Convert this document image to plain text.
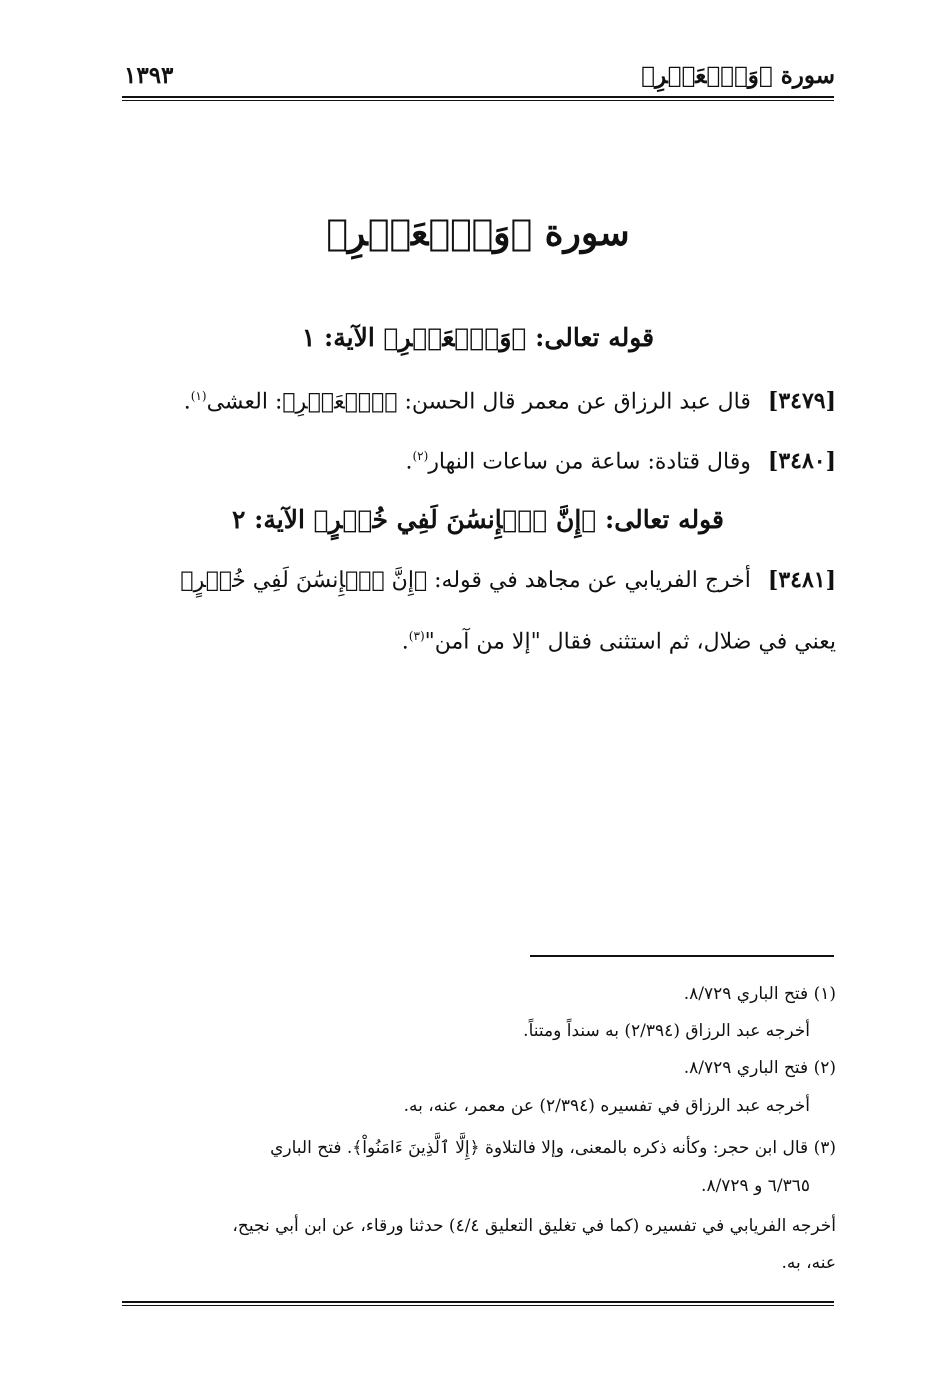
سورة ﴿وَٱلۡعَصۡرِ﴾
١٣٩٣
سورة ﴿وَٱلۡعَصۡرِ﴾
قوله تعالى: ﴿وَٱلۡعَصۡرِ﴾ الآية: ١
[٣٤٧٩] قال عبد الرزاق عن معمر قال الحسن: ﴿ٱلۡعَصۡرِ﴾: العشى$^{(١)}$.
[٣٤٨٠] وقال قتادة: ساعة من ساعات النهار$^{(٢)}$.
قوله تعالى: ﴿إِنَّ ٱلۡإِنسَٰنَ لَفِي خُسۡرٍ﴾ الآية: ٢
[٣٤٨١] أخرج الفريابي عن مجاهد في قوله: ﴿إِنَّ ٱلۡإِنسَٰنَ لَفِي خُسۡرٍ﴾
يعني في ضلال، ثم استثنى فقال "إلا من آمن"$^{(٣)}$.
(١) فتح الباري ٨/٧٢٩.
أخرجه عبد الرزاق (٢/٣٩٤) به سنداً ومتناً.
(٢) فتح الباري ٨/٧٢٩.
أخرجه عبد الرزاق في تفسيره (٢/٣٩٤) عن معمر، عنه، به.
(٣) قال ابن حجر: وكأنه ذكره بالمعنى، وإلا فالتلاوة ﴿إِلَّا ٱلَّذِينَ ءَامَنُواْ﴾. فتح الباري
٦/٣٦٥ و ٨/٧٢٩.
أخرجه الفريابي في تفسيره (كما في تغليق التعليق ٤/٤) حدثنا ورقاء، عن ابن أبي نجيح،
عنه، به.
